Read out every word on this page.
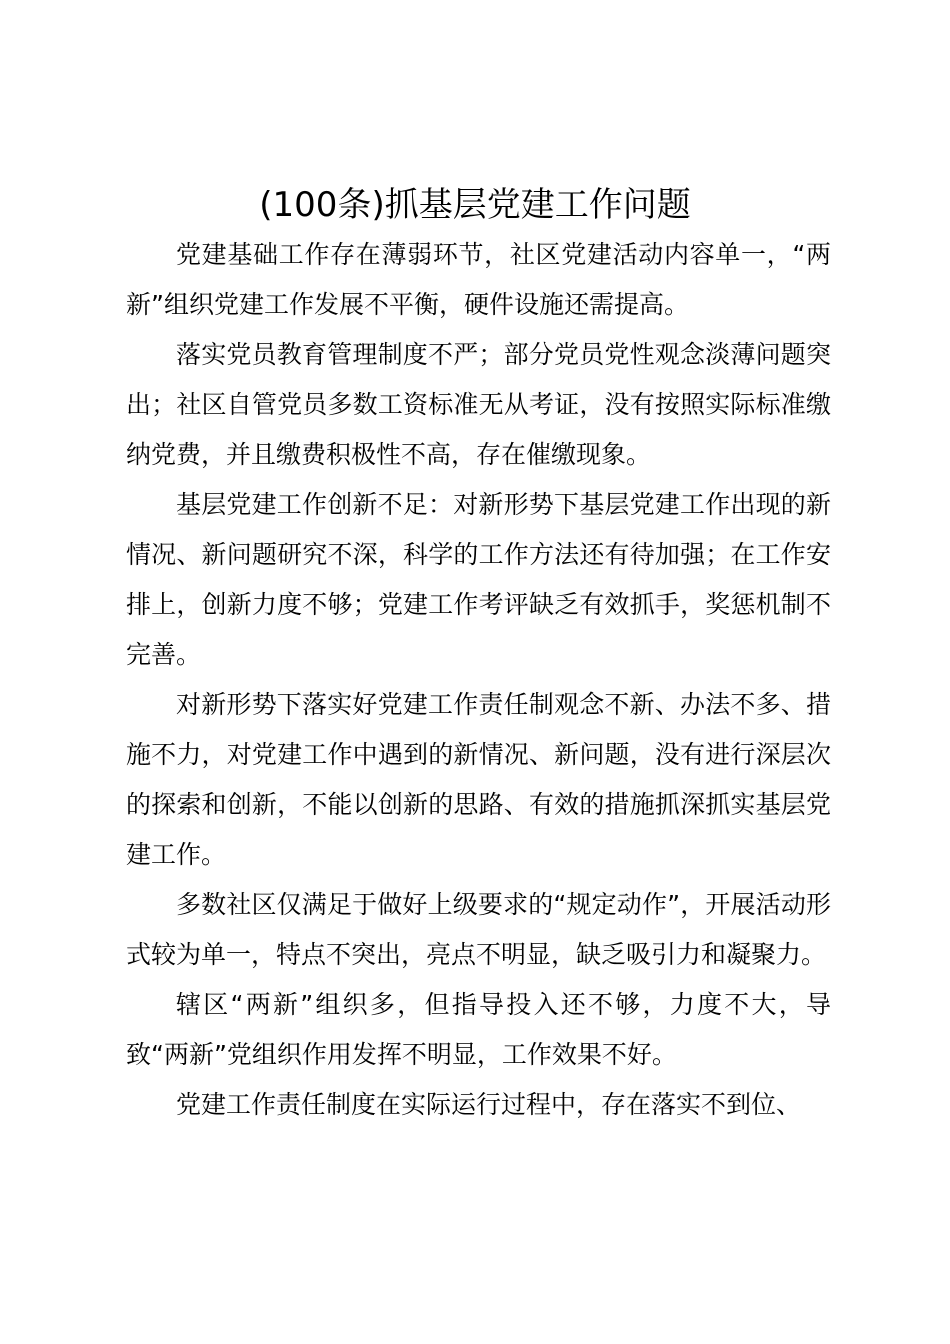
(100条)抓基层党建工作问题

党建基础工作存在薄弱环节，社区党建活动内容单一，“两新”组织党建工作发展不平衡，硬件设施还需提高。

落实党员教育管理制度不严；部分党员党性观念淡薄问题突出；社区自管党员多数工资标准无从考证，没有按照实际标准缴纳党费，并且缴费积极性不高，存在催缴现象。

基层党建工作创新不足：对新形势下基层党建工作出现的新情况、新问题研究不深，科学的工作方法还有待加强；在工作安排上，创新力度不够；党建工作考评缺乏有效抓手，奖惩机制不完善。

对新形势下落实好党建工作责任制观念不新、办法不多、措施不力，对党建工作中遇到的新情况、新问题，没有进行深层次的探索和创新，不能以创新的思路、有效的措施抓深抓实基层党建工作。

多数社区仅满足于做好上级要求的“规定动作”，开展活动形式较为单一，特点不突出，亮点不明显，缺乏吸引力和凝聚力。

辖区“两新”组织多，但指导投入还不够，力度不大，导致“两新”党组织作用发挥不明显，工作效果不好。

党建工作责任制度在实际运行过程中，存在落实不到位、
